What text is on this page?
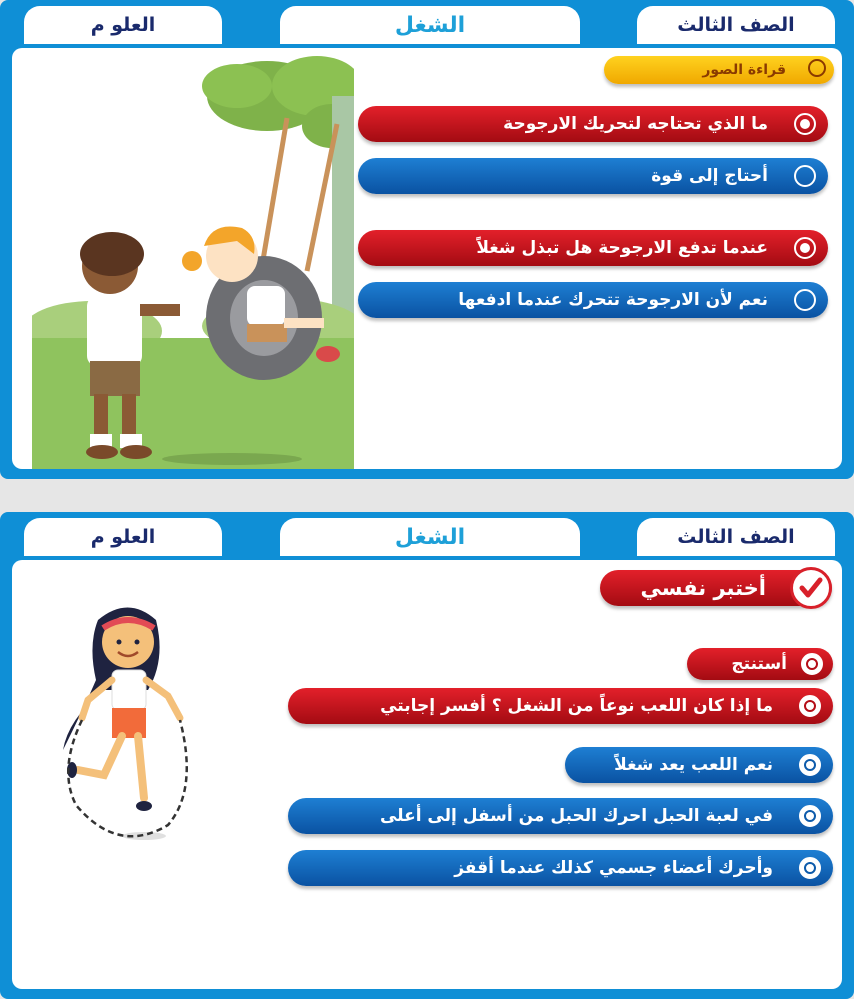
العلو م	الشغل	الصف الثالث
قراءة الصور
ما الذي تحتاجه لتحريك الارجوحة
أحتاج إلى قوة
عندما تدفع الارجوحة هل تبذل شغلاً
نعم لأن الارجوحة تتحرك عندما ادفعها
العلو م	الشغل	الصف الثالث
أختبر نفسي
أستنتج
ما إذا كان اللعب نوعاً من الشغل ؟ أفسر إجابتي
نعم اللعب يعد شغلاً
في لعبة الحبل احرك الحبل من أسفل إلى أعلى
وأحرك أعضاء جسمي كذلك عندما أقفز
